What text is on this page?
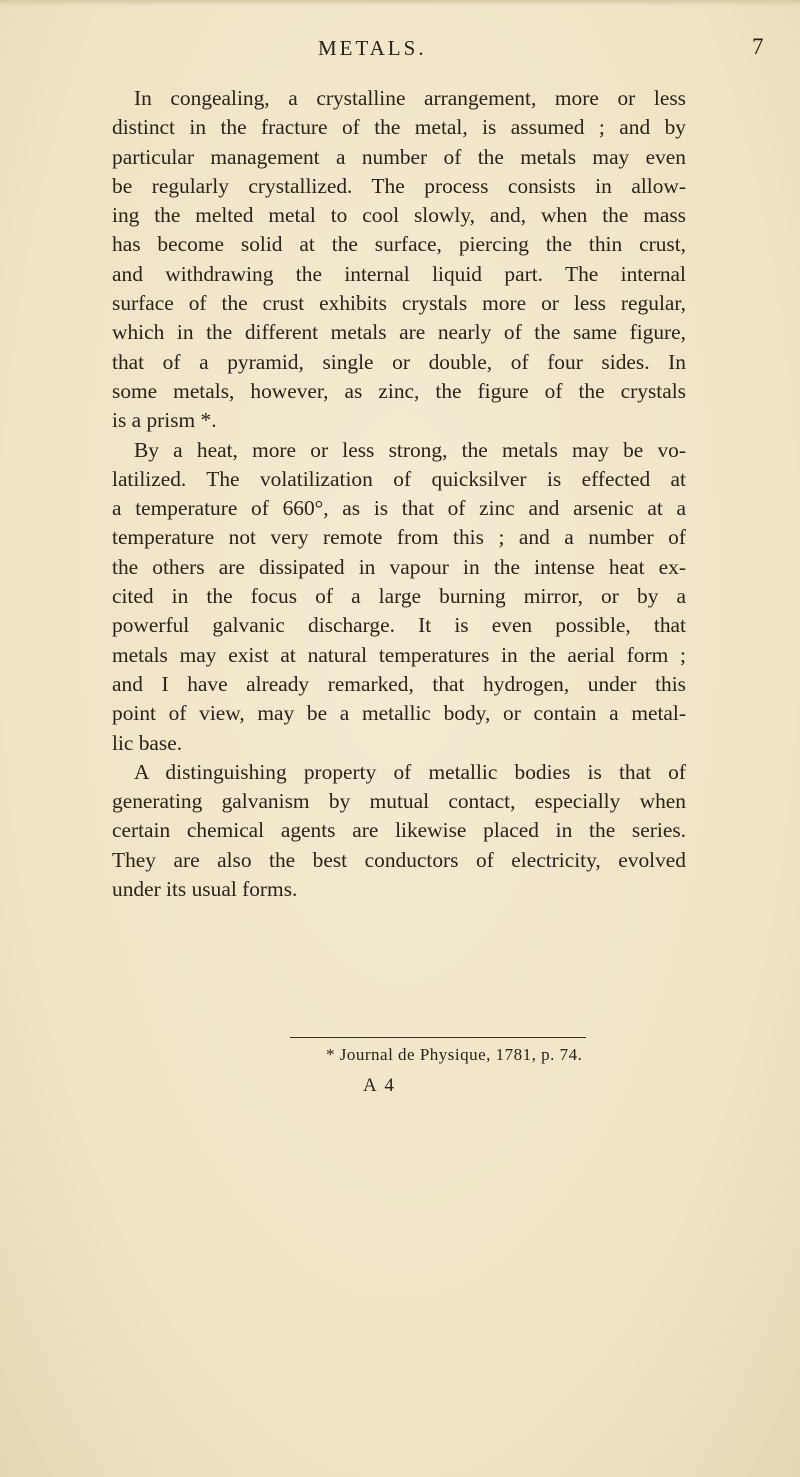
METALS.	7
In congealing, a crystalline arrangement, more or less
distinct in the fracture of the metal, is assumed ; and by
particular management a number of the metals may even
be regularly crystallized. The process consists in allow-
ing the melted metal to cool slowly, and, when the mass
has become solid at the surface, piercing the thin crust,
and withdrawing the internal liquid part. The internal
surface of the crust exhibits crystals more or less regular,
which in the different metals are nearly of the same figure,
that of a pyramid, single or double, of four sides. In
some metals, however, as zinc, the figure of the crystals
is a prism *.
By a heat, more or less strong, the metals may be vo-
latilized. The volatilization of quicksilver is effected at
a temperature of 660°, as is that of zinc and arsenic at a
temperature not very remote from this ; and a number of
the others are dissipated in vapour in the intense heat ex-
cited in the focus of a large burning mirror, or by a
powerful galvanic discharge. It is even possible, that
metals may exist at natural temperatures in the aerial form ;
and I have already remarked, that hydrogen, under this
point of view, may be a metallic body, or contain a metal-
lic base.
A distinguishing property of metallic bodies is that of
generating galvanism by mutual contact, especially when
certain chemical agents are likewise placed in the series.
They are also the best conductors of electricity, evolved
under its usual forms.
* Journal de Physique, 1781, p. 74.
A 4
